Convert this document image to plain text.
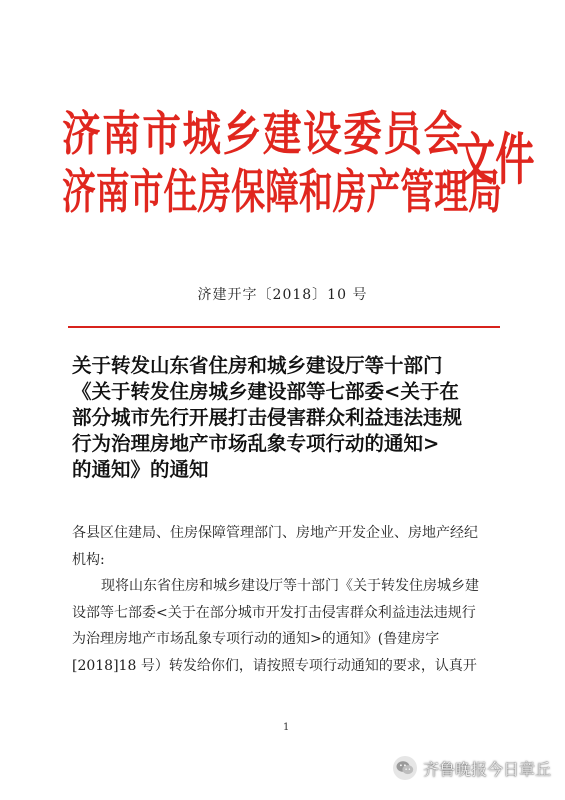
济南市城乡建设委员会
济南市住房保障和房产管理局
文件
济建开字〔2018〕10 号
关于转发山东省住房和城乡建设厅等十部门
《关于转发住房城乡建设部等七部委<关于在
部分城市先行开展打击侵害群众利益违法违规
行为治理房地产市场乱象专项行动的通知>
的通知》的通知
各县区住建局、住房保障管理部门、房地产开发企业、房地产经纪
机构:
现将山东省住房和城乡建设厅等十部门《关于转发住房城乡建
设部等七部委<关于在部分城市开发打击侵害群众利益违法违规行
为治理房地产市场乱象专项行动的通知>的通知》(鲁建房字
[2018]18 号）转发给你们，请按照专项行动通知的要求，认真开
1
齐鲁晚报今日章丘
